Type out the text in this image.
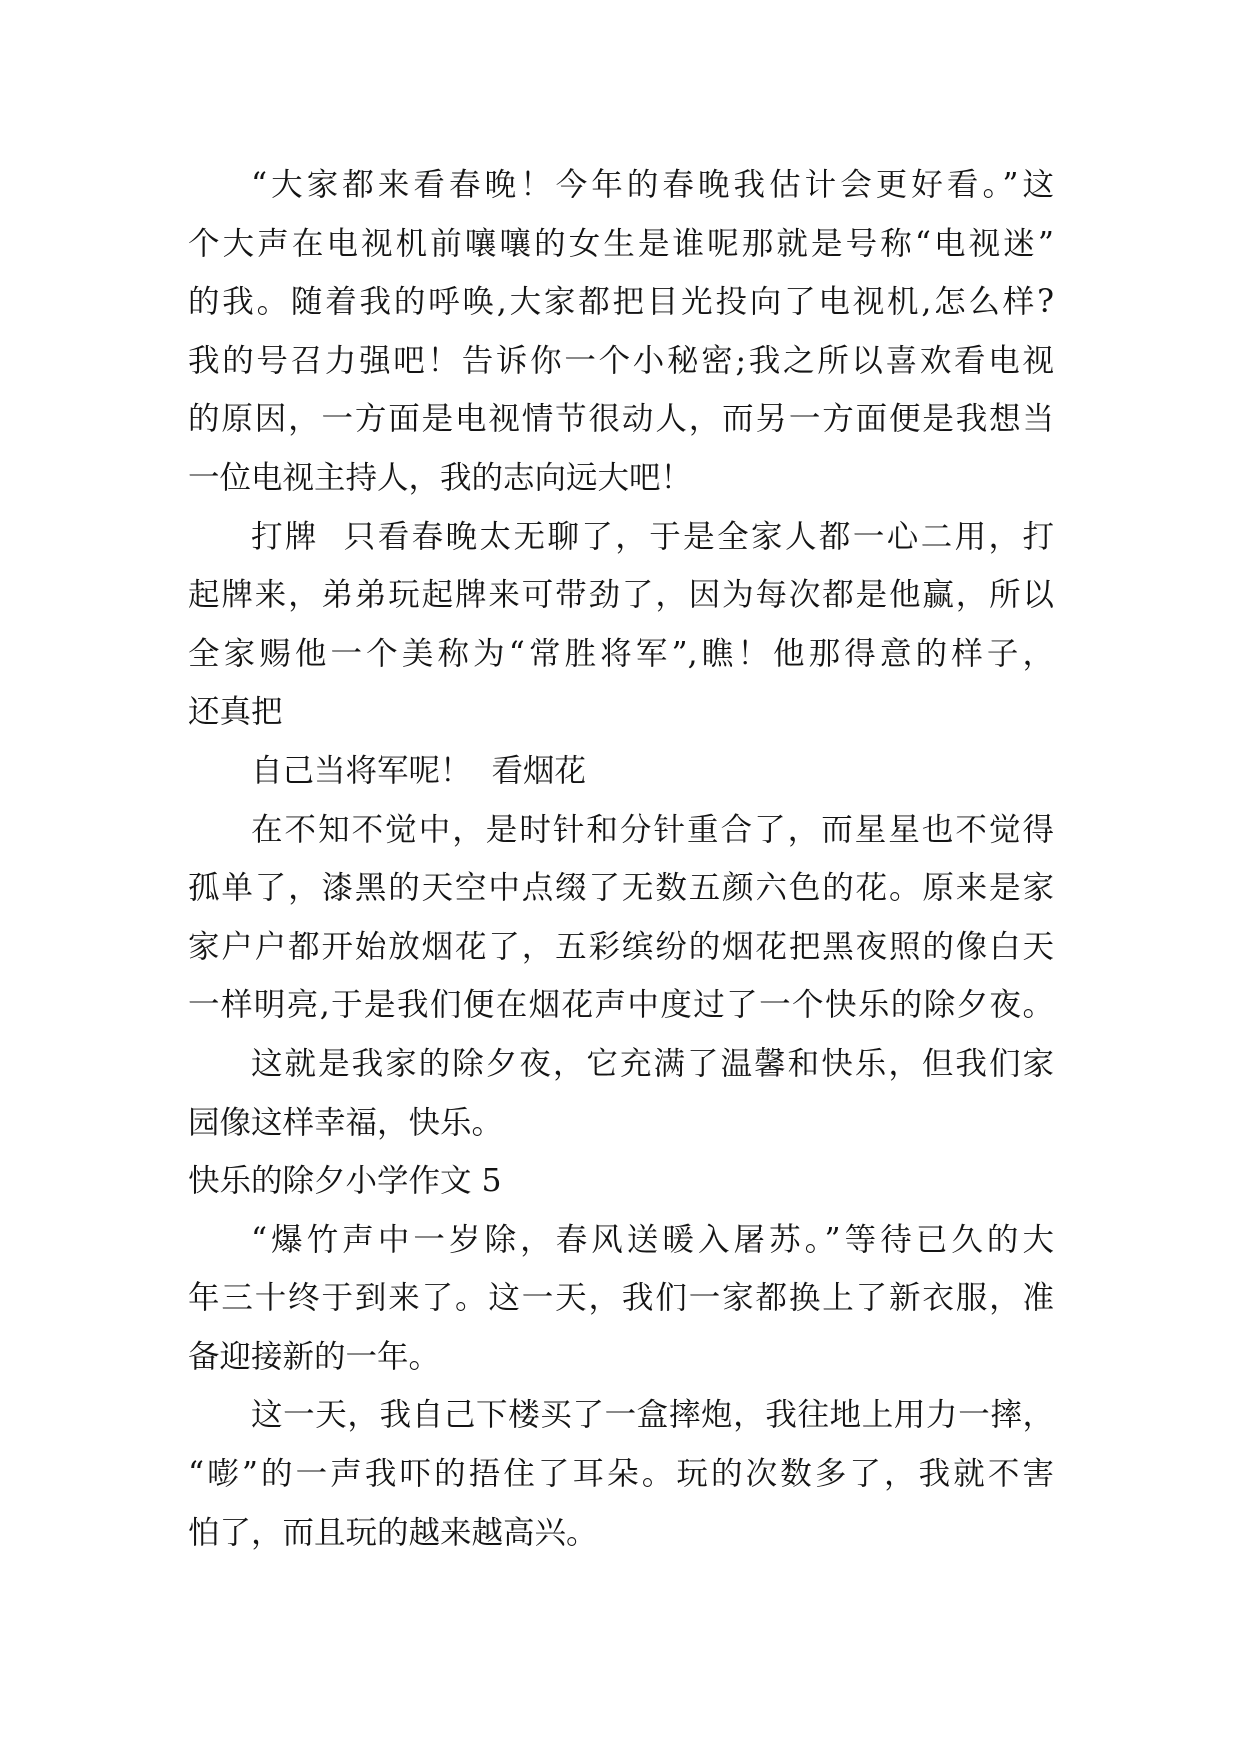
“大家都来看春晚！今年的春晚我估计会更好看。”这
个大声在电视机前嚷嚷的女生是谁呢那就是号称“电视迷”
的我。随着我的呼唤,大家都把目光投向了电视机,怎么样?
我的号召力强吧！告诉你一个小秘密;我之所以喜欢看电视
的原因，一方面是电视情节很动人，而另一方面便是我想当
一位电视主持人，我的志向远大吧！
打牌  只看春晚太无聊了，于是全家人都一心二用，打
起牌来，弟弟玩起牌来可带劲了，因为每次都是他赢，所以
全家赐他一个美称为“常胜将军”,瞧！他那得意的样子，
还真把
自己当将军呢！  看烟花
在不知不觉中，是时针和分针重合了，而星星也不觉得
孤单了，漆黑的天空中点缀了无数五颜六色的花。原来是家
家户户都开始放烟花了，五彩缤纷的烟花把黑夜照的像白天
一样明亮,于是我们便在烟花声中度过了一个快乐的除夕夜。
这就是我家的除夕夜，它充满了温馨和快乐，但我们家
园像这样幸福，快乐。
快乐的除夕小学作文 5
“爆竹声中一岁除，春风送暖入屠苏。”等待已久的大
年三十终于到来了。这一天，我们一家都换上了新衣服，准
备迎接新的一年。
这一天，我自己下楼买了一盒摔炮，我往地上用力一摔，
“嘭”的一声我吓的捂住了耳朵。玩的次数多了，我就不害
怕了，而且玩的越来越高兴。
